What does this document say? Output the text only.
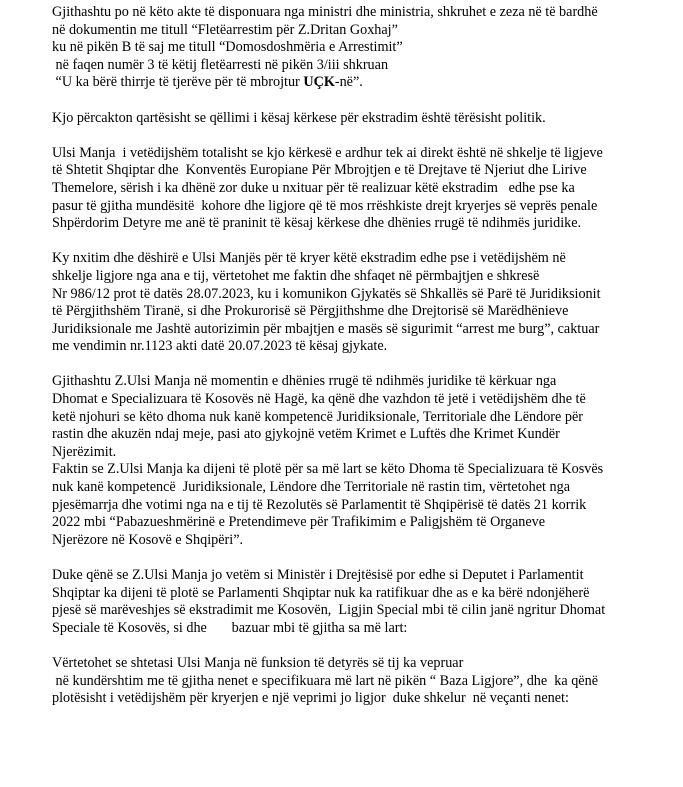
Gjithashtu po në këto akte të disponuara nga ministri dhe ministria, shkruhet e zeza në të bardhë
në dokumentin me titull “Fletëarrestim për Z.Dritan Goxhaj”
ku në pikën B të saj me titull “Domosdoshmëria e Arrestimit”
në faqen numër 3 të këtij fletëarresti në pikën 3/iii shkruan
“U ka bërë thirrje të tjerëve për të mbrojtur UÇK-në”.
Kjo përcakton qartësisht se qëllimi i kësaj kërkese për ekstradim është tërësisht politik.
Ulsi Manja  i vetëdijshëm totalisht se kjo kërkesë e ardhur tek ai direkt është në shkelje të ligjeve
të Shtetit Shqiptar dhe  Konventës Europiane Për Mbrojtjen e të Drejtave të Njeriut dhe Lirive
Themelore, sërish i ka dhënë zor duke u nxituar për të realizuar këtë ekstradim   edhe pse ka
pasur të gjitha mundësitë  kohore dhe ligjore që të mos rrëshkiste drejt kryerjes së veprës penale
Shpërdorim Detyre me anë të praninit të kësaj kërkese dhe dhënies rrugë të ndihmës juridike.
Ky nxitim dhe dëshirë e Ulsi Manjës për të kryer këtë ekstradim edhe pse i vetëdijshëm në
shkelje ligjore nga ana e tij, vërtetohet me faktin dhe shfaqet në përmbajtjen e shkresë
Nr 986/12 prot të datës 28.07.2023, ku i komunikon Gjykatës së Shkallës së Parë të Juridiksionit
të Përgjithshëm Tiranë, si dhe Prokurorisë së Përgjithshme dhe Drejtorisë së Marëdhënieve
Juridiksionale me Jashtë autorizimin për mbajtjen e masës së sigurimit “arrest me burg”, caktuar
me vendimin nr.1123 akti datë 20.07.2023 të kësaj gjykate.
Gjithashtu Z.Ulsi Manja në momentin e dhënies rrugë të ndihmës juridike të kërkuar nga
Dhomat e Specializuara të Kosovës në Hagë, ka qënë dhe vazhdon të jetë i vetëdijshëm dhe të
ketë njohuri se këto dhoma nuk kanë kompetencë Juridiksionale, Territoriale dhe Lëndore për
rastin dhe akuzën ndaj meje, pasi ato gjykojnë vetëm Krimet e Luftës dhe Krimet Kundër
Njerëzimit.
Faktin se Z.Ulsi Manja ka dijeni të plotë për sa më lart se këto Dhoma të Specializuara të Kosvës
nuk kanë kompetencë  Juridiksionale, Lëndore dhe Territoriale në rastin tim, vërtetohet nga
pjesëmarrja dhe votimi nga na e tij të Rezolutës së Parlamentit të Shqipërisë të datës 21 korrik
2022 mbi “Pabazueshmërinë e Pretendimeve për Trafikimim e Paligjshëm të Organeve
Njerëzore në Kosovë e Shqipëri”.
Duke qënë se Z.Ulsi Manja jo vetëm si Ministër i Drejtësisë por edhe si Deputet i Parlamentit
Shqiptar ka dijeni të plotë se Parlamenti Shqiptar nuk ka ratifikuar dhe as e ka bërë ndonjëherë
pjesë së marëveshjes së ekstradimit me Kosovën,  Ligjin Special mbi të cilin janë ngritur Dhomat
Speciale të Kosovës, si dhe       bazuar mbi të gjitha sa më lart:
Vërtetohet se shtetasi Ulsi Manja në funksion të detyrës së tij ka vepruar
në kundërshtim me të gjitha nenet e specifikuara më lart në pikën “ Baza Ligjore”, dhe  ka qënë
plotësisht i vetëdijshëm për kryerjen e një veprimi jo ligjor  duke shkelur  në veçanti nenet:
